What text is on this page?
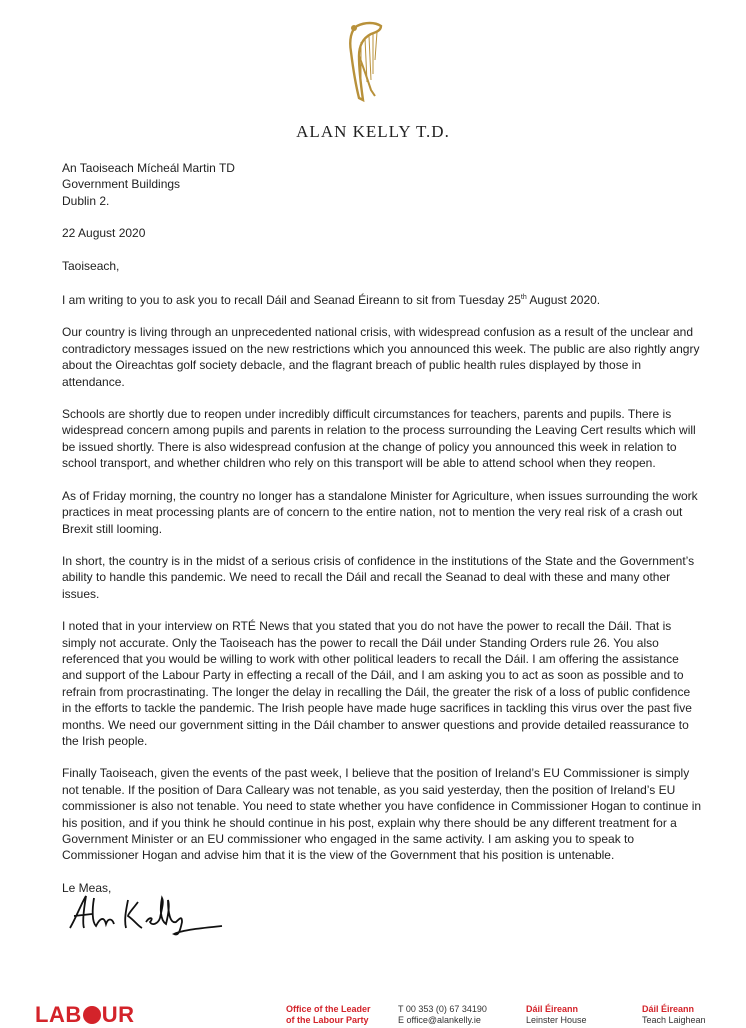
ALAN KELLY T.D.
An Taoiseach Mícheál Martin TD
Government Buildings
Dublin 2.

22 August 2020

Taoiseach,

I am writing to you to ask you to recall Dáil and Seanad Éireann to sit from Tuesday 25th August 2020.

Our country is living through an unprecedented national crisis, with widespread confusion as a result of the unclear and contradictory messages issued on the new restrictions which you announced this week. The public are also rightly angry about the Oireachtas golf society debacle, and the flagrant breach of public health rules displayed by those in attendance.

Schools are shortly due to reopen under incredibly difficult circumstances for teachers, parents and pupils. There is widespread concern among pupils and parents in relation to the process surrounding the Leaving Cert results which will be issued shortly. There is also widespread confusion at the change of policy you announced this week in relation to school transport, and whether children who rely on this transport will be able to attend school when they reopen.

As of Friday morning, the country no longer has a standalone Minister for Agriculture, when issues surrounding the work practices in meat processing plants are of concern to the entire nation, not to mention the very real risk of a crash out Brexit still looming.

In short, the country is in the midst of a serious crisis of confidence in the institutions of the State and the Government’s ability to handle this pandemic. We need to recall the Dáil and recall the Seanad to deal with these and many other issues.

I noted that in your interview on RTÉ News that you stated that you do not have the power to recall the Dáil. That is simply not accurate. Only the Taoiseach has the power to recall the Dáil under Standing Orders rule 26. You also referenced that you would be willing to work with other political leaders to recall the Dáil. I am offering the assistance and support of the Labour Party in effecting a recall of the Dáil, and I am asking you to act as soon as possible and to refrain from procrastinating. The longer the delay in recalling the Dáil, the greater the risk of a loss of public confidence in the efforts to tackle the pandemic. The Irish people have made huge sacrifices in tackling this virus over the past five months. We need our government sitting in the Dáil chamber to answer questions and provide detailed reassurance to the Irish people.

Finally Taoiseach, given the events of the past week, I believe that the position of Ireland’s EU Commissioner is simply not tenable. If the position of Dara Calleary was not tenable, as you said yesterday, then the position of Ireland’s EU commissioner is also not tenable. You need to state whether you have confidence in Commissioner Hogan to continue in his position, and if you think he should continue in his post, explain why there should be any different treatment for a Government Minister or an EU commissioner who engaged in the same activity. I am asking you to speak to Commissioner Hogan and advise him that it is the view of the Government that his position is untenable.

Le Meas,

LAB UR	Office of the Leader
of the Labour Party
T 00 353 (0) 67 34190
E office@alankelly.ie
Dáil Éireann
Leinster House
Dáil Éireann
Teach Laighean
